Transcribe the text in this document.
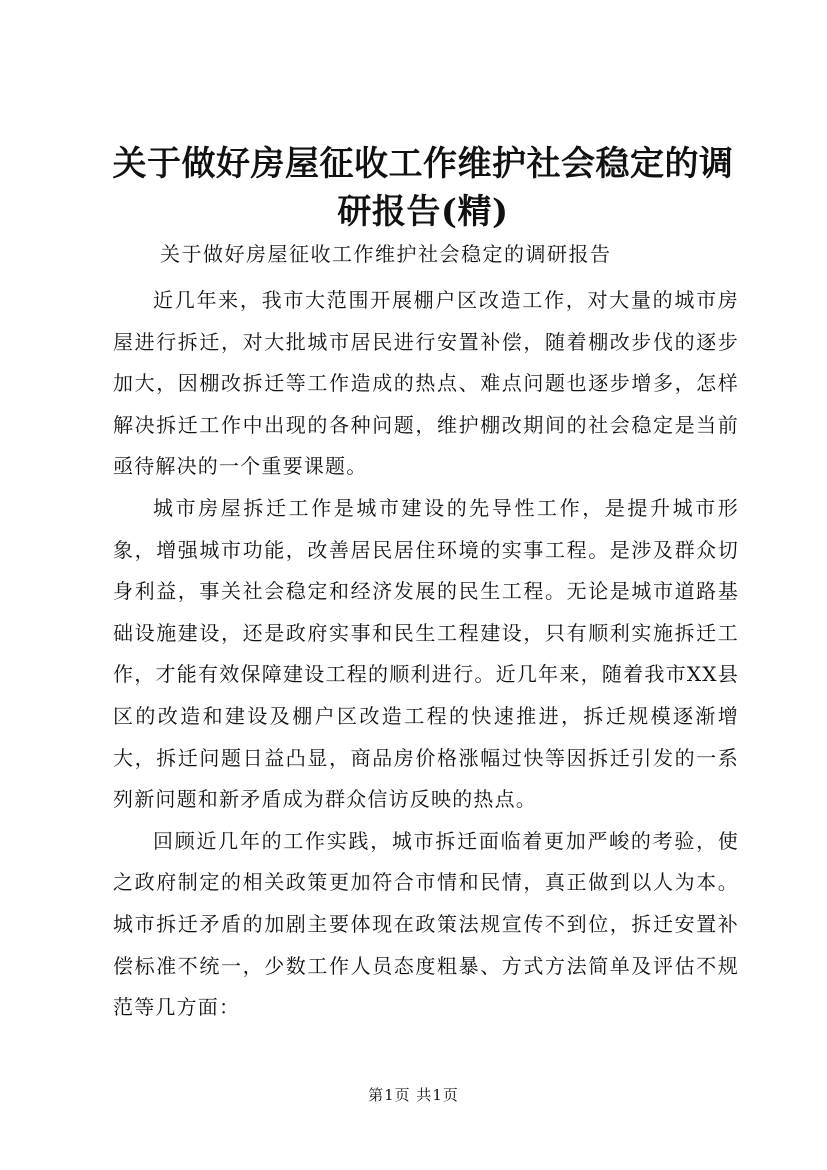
关于做好房屋征收工作维护社会稳定的调研报告(精)

关于做好房屋征收工作维护社会稳定的调研报告

近几年来，我市大范围开展棚户区改造工作，对大量的城市房屋进行拆迁，对大批城市居民进行安置补偿，随着棚改步伐的逐步加大，因棚改拆迁等工作造成的热点、难点问题也逐步增多，怎样解决拆迁工作中出现的各种问题，维护棚改期间的社会稳定是当前亟待解决的一个重要课题。

城市房屋拆迁工作是城市建设的先导性工作，是提升城市形象，增强城市功能，改善居民居住环境的实事工程。是涉及群众切身利益，事关社会稳定和经济发展的民生工程。无论是城市道路基础设施建设，还是政府实事和民生工程建设，只有顺利实施拆迁工作，才能有效保障建设工程的顺利进行。近几年来，随着我市XX县区的改造和建设及棚户区改造工程的快速推进，拆迁规模逐渐增大，拆迁问题日益凸显，商品房价格涨幅过快等因拆迁引发的一系列新问题和新矛盾成为群众信访反映的热点。

回顾近几年的工作实践，城市拆迁面临着更加严峻的考验，使之政府制定的相关政策更加符合市情和民情，真正做到以人为本。城市拆迁矛盾的加剧主要体现在政策法规宣传不到位，拆迁安置补偿标准不统一，少数工作人员态度粗暴、方式方法简单及评估不规范等几方面：

第1页 共1页
